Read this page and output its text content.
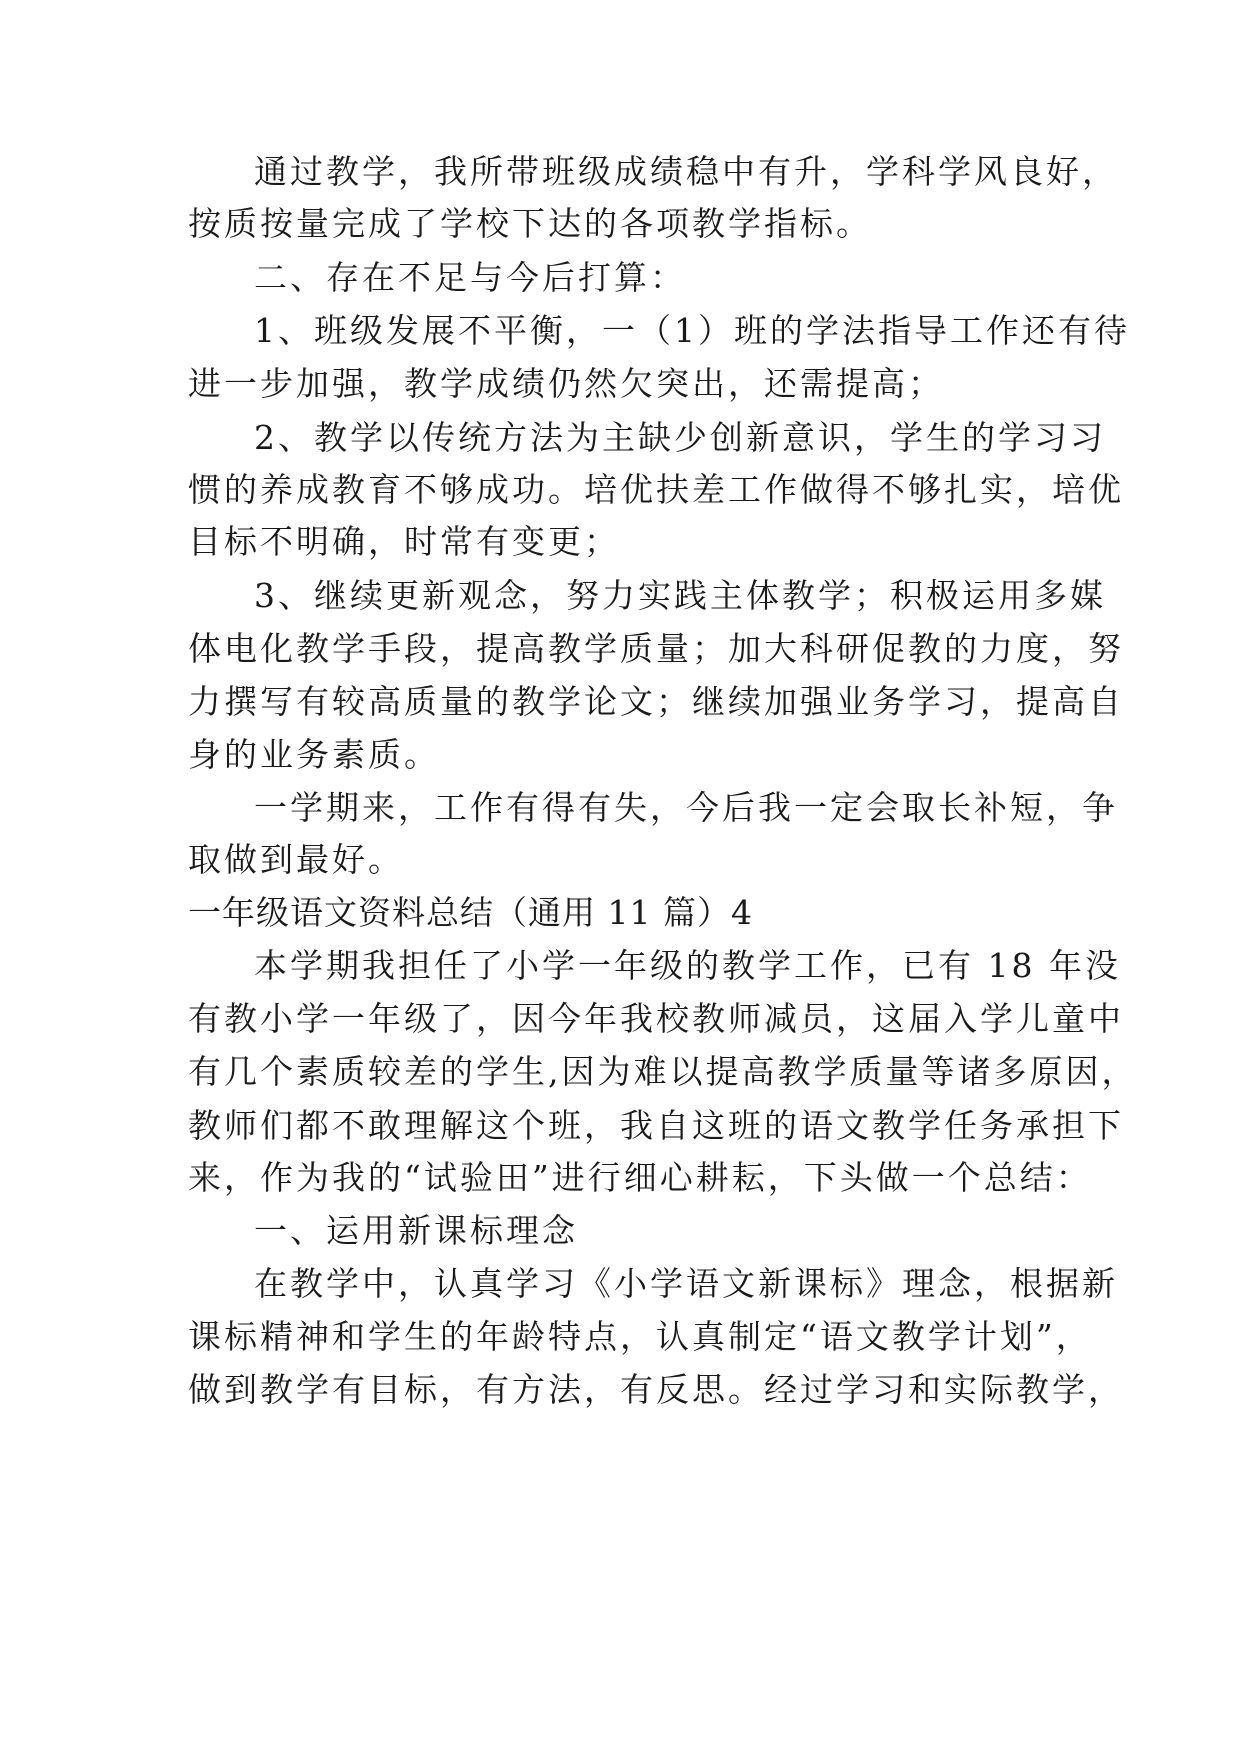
通过教学，我所带班级成绩稳中有升，学科学风良好，
按质按量完成了学校下达的各项教学指标。
二、存在不足与今后打算：
1、班级发展不平衡，一（1）班的学法指导工作还有待
进一步加强，教学成绩仍然欠突出，还需提高；
2、教学以传统方法为主缺少创新意识，学生的学习习
惯的养成教育不够成功。培优扶差工作做得不够扎实，培优
目标不明确，时常有变更；
3、继续更新观念，努力实践主体教学；积极运用多媒
体电化教学手段，提高教学质量；加大科研促教的力度，努
力撰写有较高质量的教学论文；继续加强业务学习，提高自
身的业务素质。
一学期来，工作有得有失，今后我一定会取长补短，争
取做到最好。
一年级语文资料总结（通用 11 篇）4
本学期我担任了小学一年级的教学工作，已有 18 年没
有教小学一年级了，因今年我校教师减员，这届入学儿童中
有几个素质较差的学生,因为难以提高教学质量等诸多原因，
教师们都不敢理解这个班，我自这班的语文教学任务承担下
来，作为我的“试验田”进行细心耕耘，下头做一个总结：
一、运用新课标理念
在教学中，认真学习《小学语文新课标》理念，根据新
课标精神和学生的年龄特点，认真制定“语文教学计划”，
做到教学有目标，有方法，有反思。经过学习和实际教学，
